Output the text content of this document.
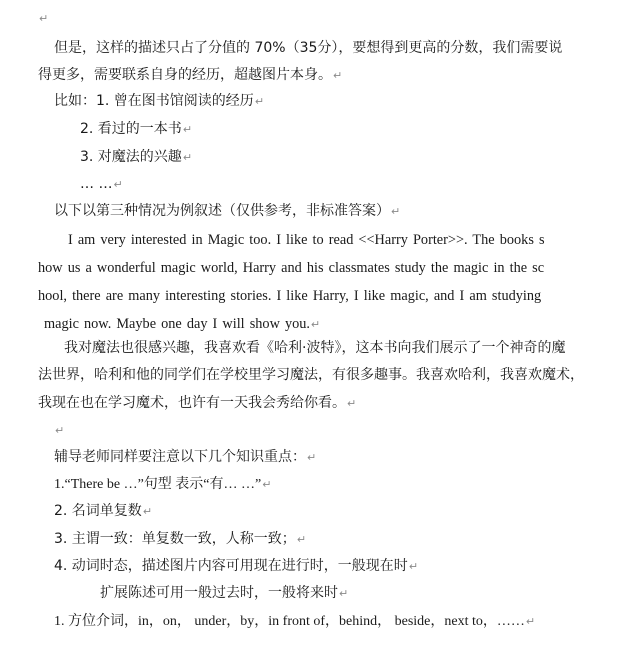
↵
但是，这样的描述只占了分值的 70%（35分），要想得到更高的分数，我们需要说
得更多，需要联系自身的经历，超越图片本身。↵
比如：1. 曾在图书馆阅读的经历↵
2. 看过的一本书↵
3. 对魔法的兴趣↵
… …↵
以下以第三种情况为例叙述（仅供参考，非标准答案）↵
I am very interested in Magic too. I like to read <<Harry Porter>>. The books s
how us a wonderful magic world, Harry and his classmates study the magic in the sc
hool, there are many interesting stories. I like Harry, I like magic, and I am studying
magic now. Maybe one day I will show you.↵
我对魔法也很感兴趣，我喜欢看《哈利·波特》，这本书向我们展示了一个神奇的魔
法世界，哈利和他的同学们在学校里学习魔法，有很多趣事。我喜欢哈利，我喜欢魔术，
我现在也在学习魔术，也许有一天我会秀给你看。↵
↵
辅导老师同样要注意以下几个知识重点：↵
1.“There be …”句型 表示“有… …”↵
2. 名词单复数↵
3. 主谓一致：单复数一致，人称一致；↵
4. 动词时态，描述图片内容可用现在进行时，一般现在时↵
扩展陈述可用一般过去时，一般将来时↵
1. 方位介词，in，on， under，by，in front of，behind， beside，next to，……↵
